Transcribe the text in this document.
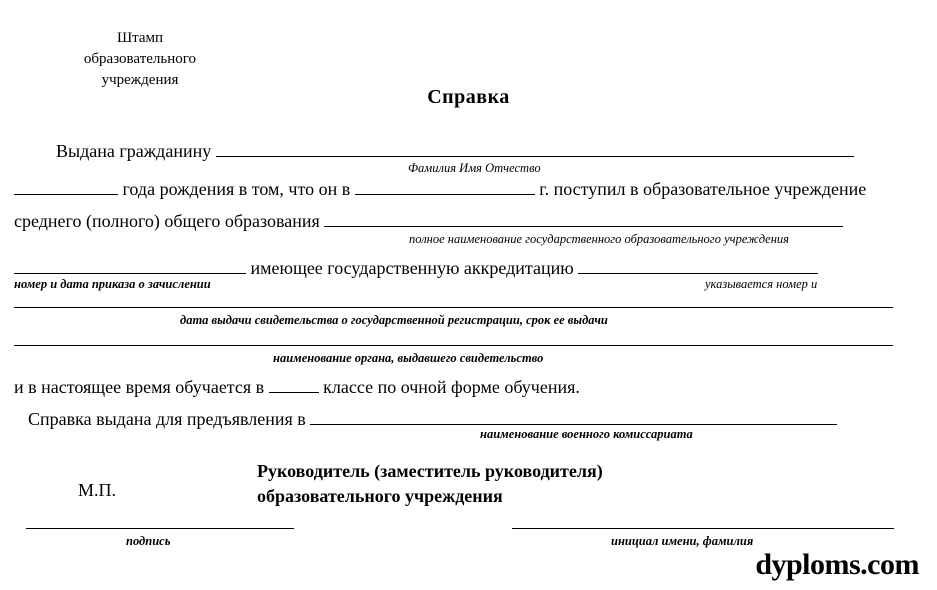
Штамп
образовательного
учреждения
Справка
Выдана гражданину
Фамилия Имя Отчество
года рождения в том, что он в	г. поступил в образовательное учреждение
среднего (полного) общего образования
полное наименование государственного образовательного учреждения
имеющее государственную аккредитацию
номер и дата приказа о зачислении	указывается номер и
дата выдачи свидетельства о государственной регистрации, срок ее выдачи
наименование органа, выдавшего свидетельство
и в настоящее время обучается в	классе по очной форме обучения.
Справка выдана для предъявления в
наименование военного комиссариата
М.П.
Руководитель (заместитель руководителя)
образовательного учреждения
подпись	инициал имени, фамилия
dyploms.com
